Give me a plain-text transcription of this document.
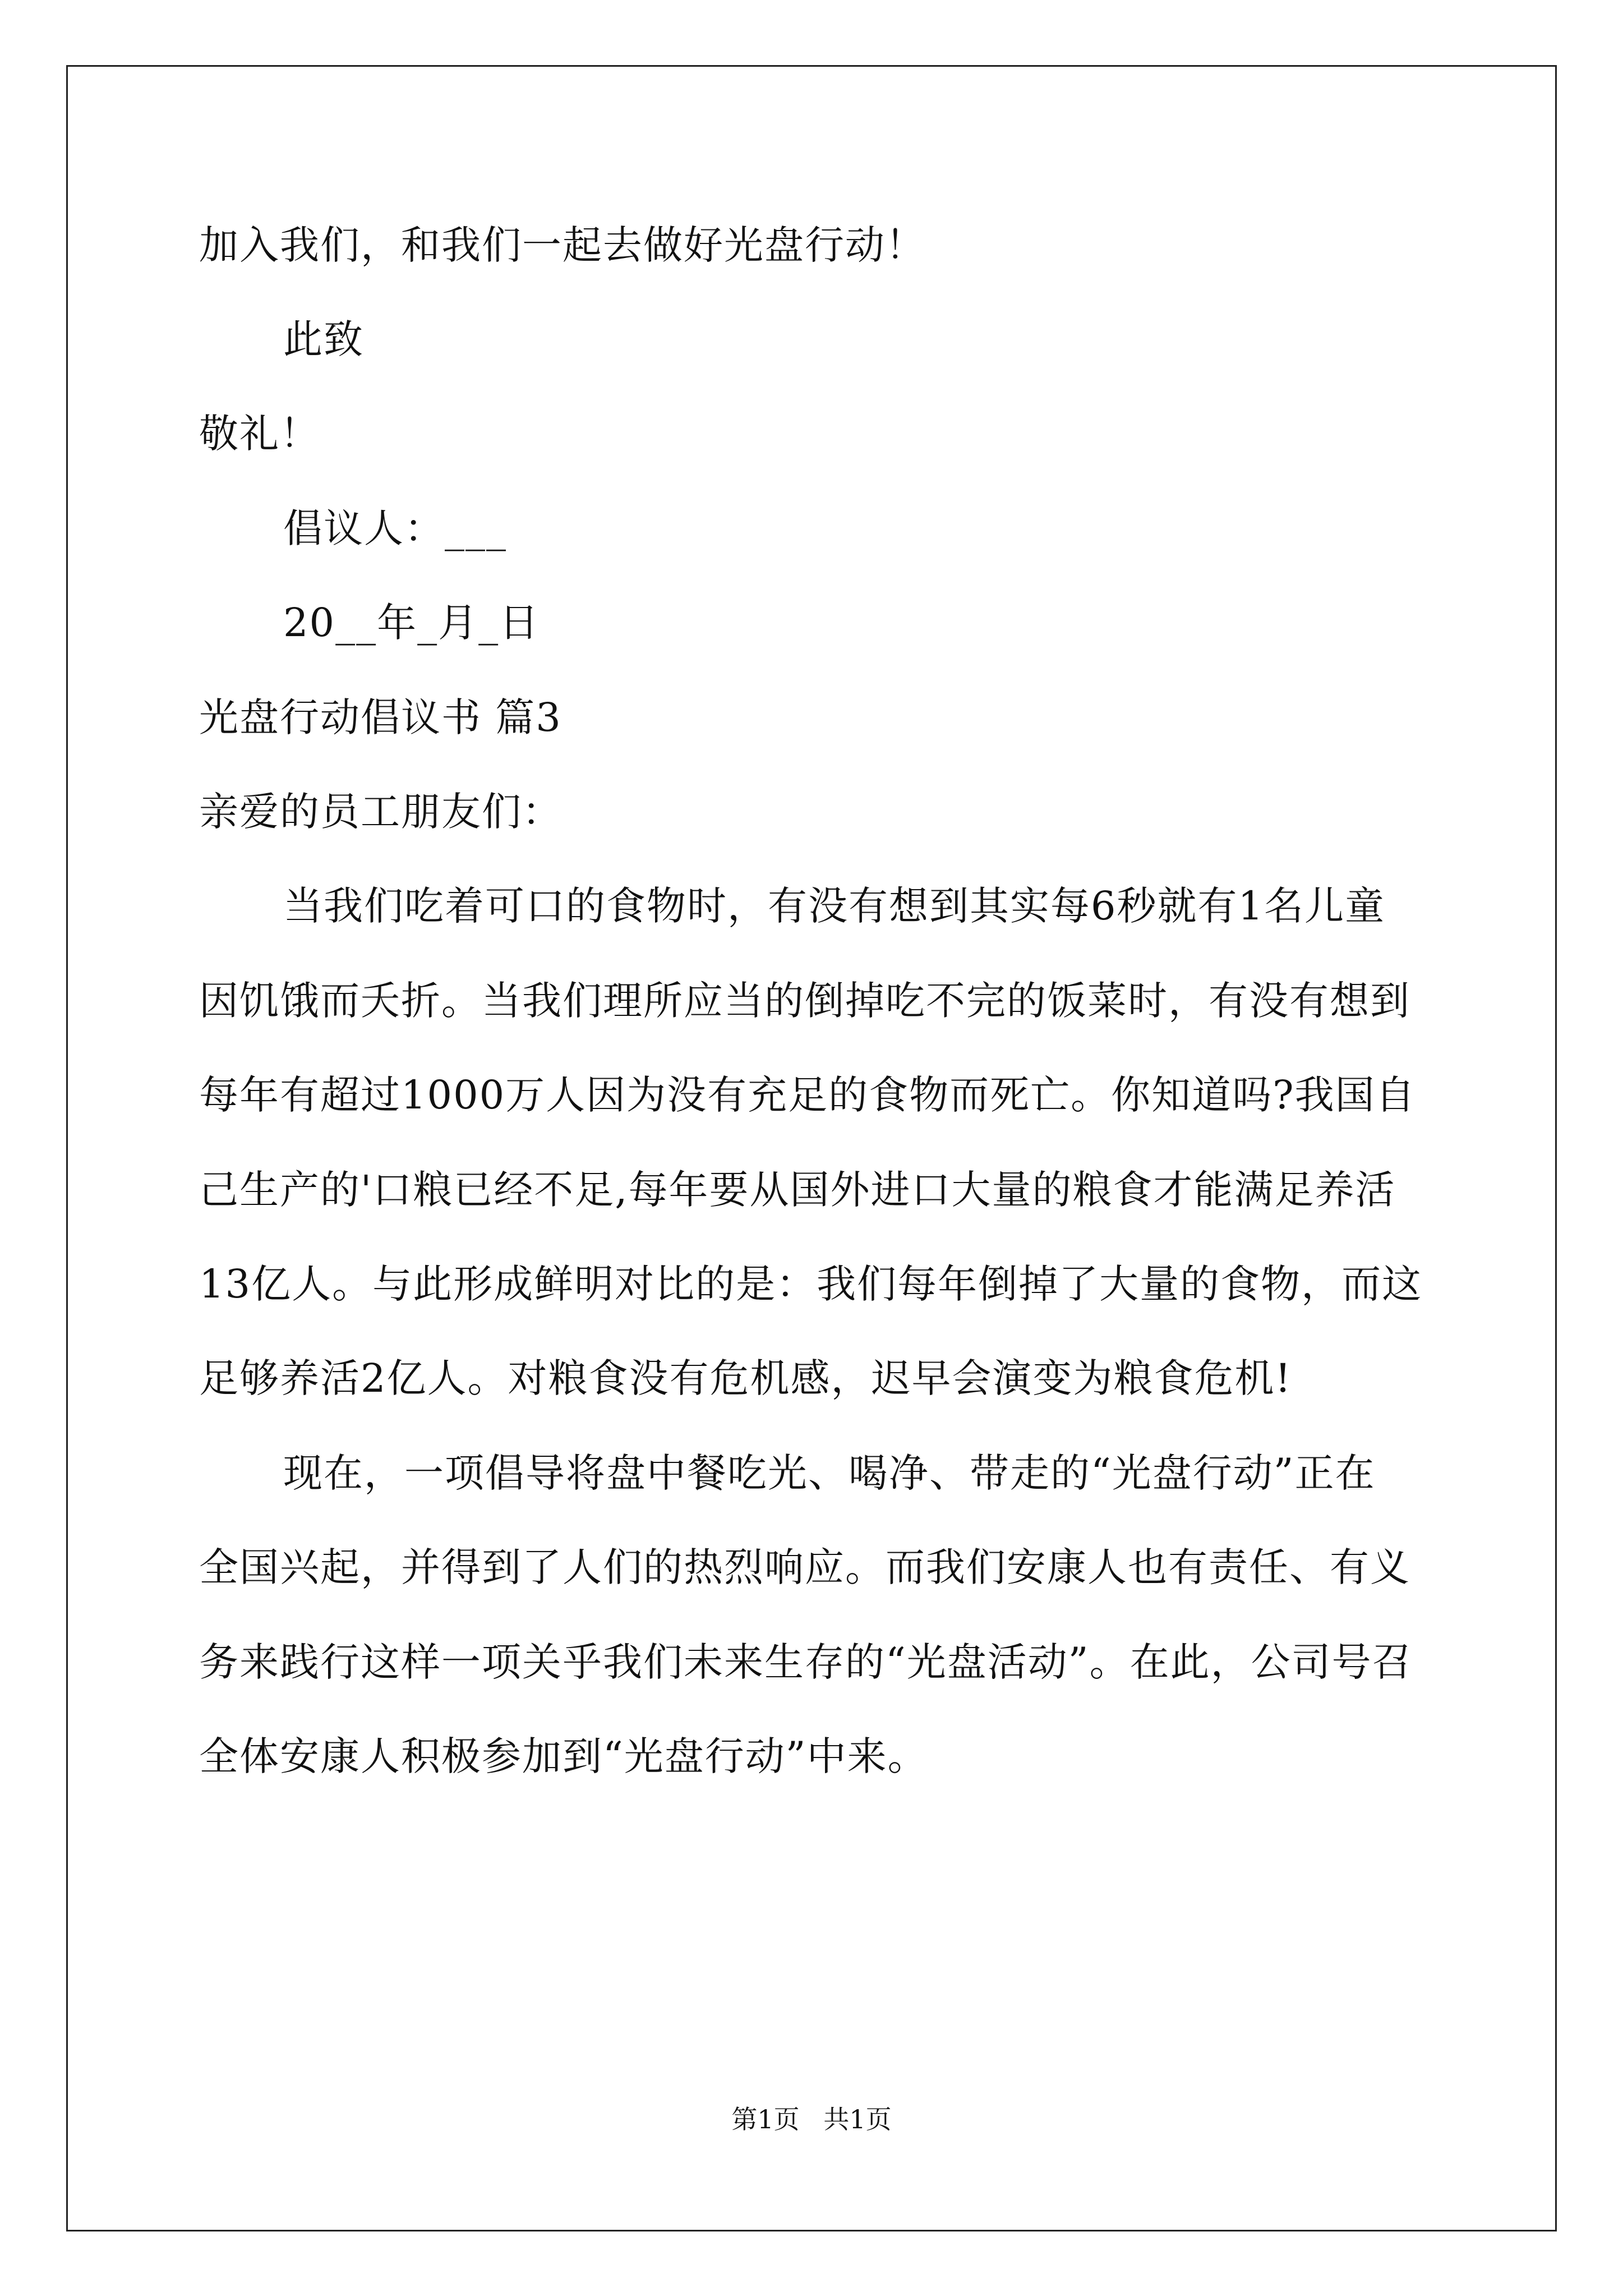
加入我们，和我们一起去做好光盘行动！
此致
敬礼！
倡议人：___
20__年_月_日
光盘行动倡议书 篇3
亲爱的员工朋友们：
当我们吃着可口的食物时，有没有想到其实每6秒就有1名儿童
因饥饿而夭折。当我们理所应当的倒掉吃不完的饭菜时，有没有想到
每年有超过1000万人因为没有充足的食物而死亡。你知道吗?我国自
己生产的'口粮已经不足,每年要从国外进口大量的粮食才能满足养活
13亿人。与此形成鲜明对比的是：我们每年倒掉了大量的食物，而这
足够养活2亿人。对粮食没有危机感，迟早会演变为粮食危机!
现在，一项倡导将盘中餐吃光、喝净、带走的“光盘行动”正在
全国兴起，并得到了人们的热烈响应。而我们安康人也有责任、有义
务来践行这样一项关乎我们未来生存的“光盘活动”。在此，公司号召
全体安康人积极参加到“光盘行动”中来。
第1页 共1页
